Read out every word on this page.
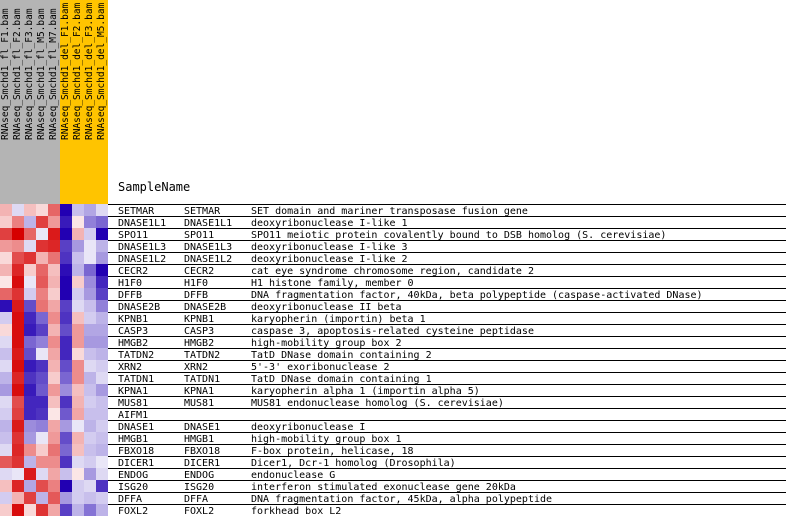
RNAseq_Smchd1_fl_F1.bam RNAseq_Smchd1_fl_F2.bam RNAseq_Smchd1_fl_F3.bam RNAseq_Smchd1_fl_M5.bam RNAseq_Smchd1_fl_M7.bam RNAseq_Smchd1_del_F1.bam RNAseq_Smchd1_del_F2.bam RNAseq_Smchd1_del_F3.bam RNAseq_Smchd1_del_M5.bam
SampleName
SETMAR	SETMAR	SET domain and mariner transposase fusion gene
DNASE1L1 DNASE1L1 deoxyribonuclease I-like 1
SPO11	SPO11	SPO11 meiotic protein covalently bound to DSB homolog (S. cerevisiae)
DNASE1L3 DNASE1L3 deoxyribonuclease I-like 3
DNASE1L2 DNASE1L2 deoxyribonuclease I-like 2
CECR2	CECR2	cat eye syndrome chromosome region, candidate 2
H1F0	H1F0	H1 histone family, member 0
DFFB	DFFB	DNA fragmentation factor, 40kDa, beta polypeptide (caspase-activated DNase)
DNASE2B DNASE2B deoxyribonuclease II beta
KPNB1	KPNB1	karyopherin (importin) beta 1
CASP3	CASP3	caspase 3, apoptosis-related cysteine peptidase
HMGB2	HMGB2	high-mobility group box 2
TATDN2	TATDN2	TatD DNase domain containing 2
XRN2	XRN2	5'-3' exoribonuclease 2
TATDN1	TATDN1	TatD DNase domain containing 1
KPNA1	KPNA1	karyopherin alpha 1 (importin alpha 5)
MUS81	MUS81	MUS81 endonuclease homolog (S. cerevisiae)
AIFM1
DNASE1	DNASE1	deoxyribonuclease I
HMGB1	HMGB1	high-mobility group box 1
FBXO18	FBXO18	F-box protein, helicase, 18
DICER1	DICER1	Dicer1, Dcr-1 homolog (Drosophila)
ENDOG	ENDOG	endonuclease G
ISG20	ISG20	interferon stimulated exonuclease gene 20kDa
DFFA	DFFA	DNA fragmentation factor, 45kDa, alpha polypeptide
FOXL2	FOXL2	forkhead box L2
